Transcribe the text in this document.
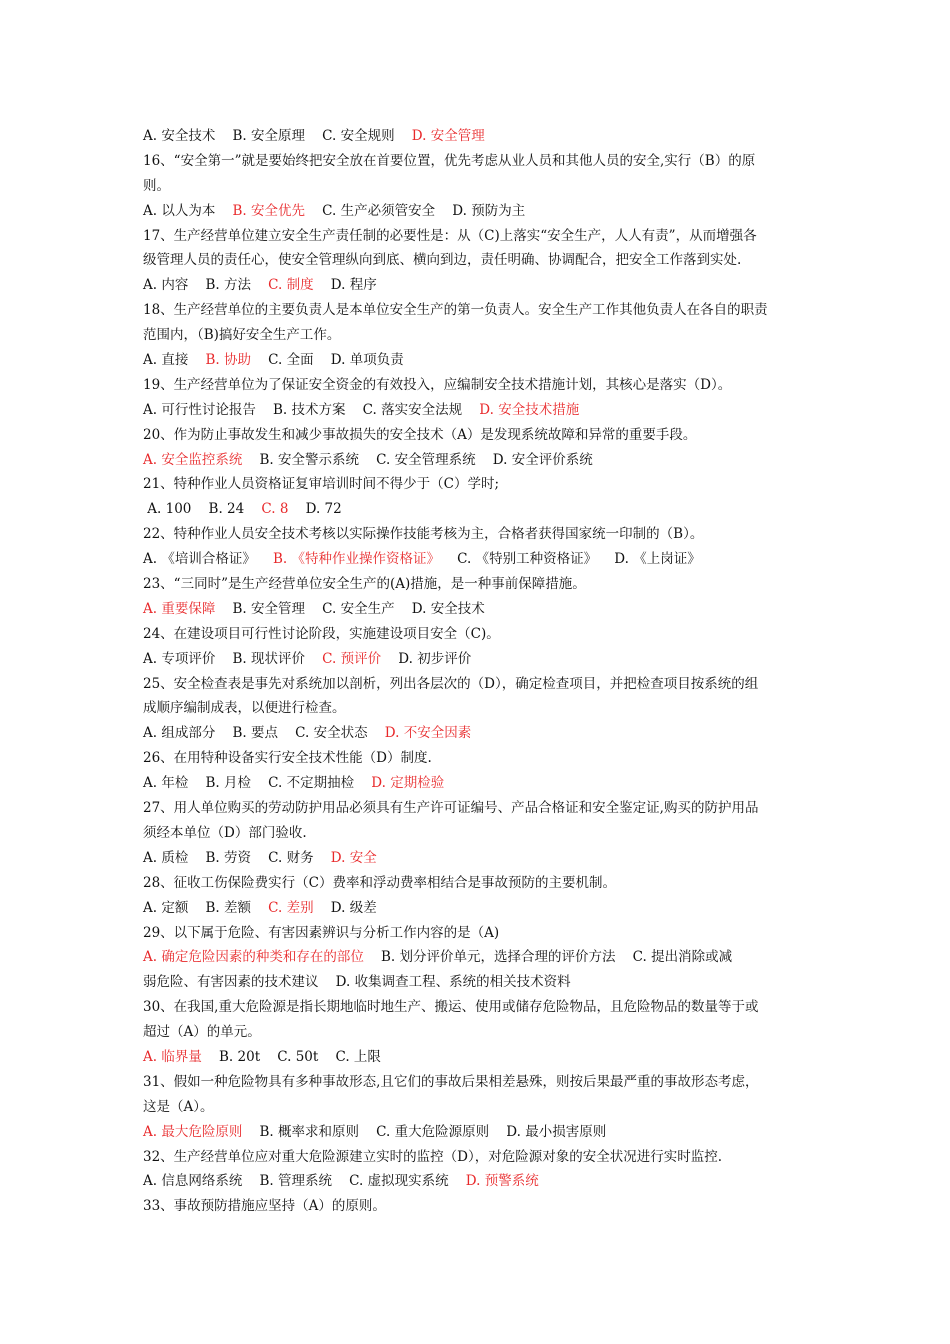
A. 安全技术    B. 安全原理    C. 安全规则    D. 安全管理
16、“安全第一”就是要始终把安全放在首要位置，优先考虑从业人员和其他人员的安全,实行（B）的原
则。
A. 以人为本    B. 安全优先    C. 生产必须管安全    D. 预防为主
17、生产经营单位建立安全生产责任制的必要性是：从（C)上落实“安全生产，人人有责”，从而增强各
级管理人员的责任心，使安全管理纵向到底、横向到边，责任明确、协调配合，把安全工作落到实处.
A. 内容    B. 方法    C. 制度    D. 程序
18、生产经营单位的主要负责人是本单位安全生产的第一负责人。安全生产工作其他负责人在各自的职责
范围内，（B)搞好安全生产工作。
A. 直接    B. 协助    C. 全面    D. 单项负责
19、生产经营单位为了保证安全资金的有效投入，应编制安全技术措施计划，其核心是落实（D）。
A. 可行性讨论报告    B. 技术方案    C. 落实安全法规    D. 安全技术措施
20、作为防止事故发生和减少事故损失的安全技术（A）是发现系统故障和异常的重要手段。
A. 安全监控系统    B. 安全警示系统    C. 安全管理系统    D. 安全评价系统
21、特种作业人员资格证复审培训时间不得少于（C）学时;
A. 100    B. 24    C. 8    D. 72
22、特种作业人员安全技术考核以实际操作技能考核为主，合格者获得国家统一印制的（B）。
A. 《培训合格证》    B. 《特种作业操作资格证》    C. 《特别工种资格证》    D. 《上岗证》
23、“三同时”是生产经营单位安全生产的(A)措施，是一种事前保障措施。
A. 重要保障    B. 安全管理    C. 安全生产    D. 安全技术
24、在建设项目可行性讨论阶段，实施建设项目安全（C)。
A. 专项评价    B. 现状评价    C. 预评价    D. 初步评价
25、安全检查表是事先对系统加以剖析，列出各层次的（D），确定检查项目，并把检查项目按系统的组
成顺序编制成表，以便进行检查。
A. 组成部分    B. 要点    C. 安全状态    D. 不安全因素
26、在用特种设备实行安全技术性能（D）制度.
A. 年检    B. 月检    C. 不定期抽检    D. 定期检验
27、用人单位购买的劳动防护用品必须具有生产许可证编号、产品合格证和安全鉴定证,购买的防护用品
须经本单位（D）部门验收.
A. 质检    B. 劳资    C. 财务    D. 安全
28、征收工伤保险费实行（C）费率和浮动费率相结合是事故预防的主要机制。
A. 定额    B. 差额    C. 差别    D. 级差
29、以下属于危险、有害因素辨识与分析工作内容的是（A)
A. 确定危险因素的种类和存在的部位    B. 划分评价单元，选择合理的评价方法    C. 提出消除或减
弱危险、有害因素的技术建议    D. 收集调查工程、系统的相关技术资料
30、在我国,重大危险源是指长期地临时地生产、搬运、使用或储存危险物品，且危险物品的数量等于或
超过（A）的单元。
A. 临界量    B. 20t    C. 50t    C. 上限
31、假如一种危险物具有多种事故形态,且它们的事故后果相差悬殊，则按后果最严重的事故形态考虑，
这是（A）。
A. 最大危险原则    B. 概率求和原则    C. 重大危险源原则    D. 最小损害原则
32、生产经营单位应对重大危险源建立实时的监控（D），对危险源对象的安全状况进行实时监控.
A. 信息网络系统    B. 管理系统    C. 虚拟现实系统    D. 预警系统
33、事故预防措施应坚持（A）的原则。
